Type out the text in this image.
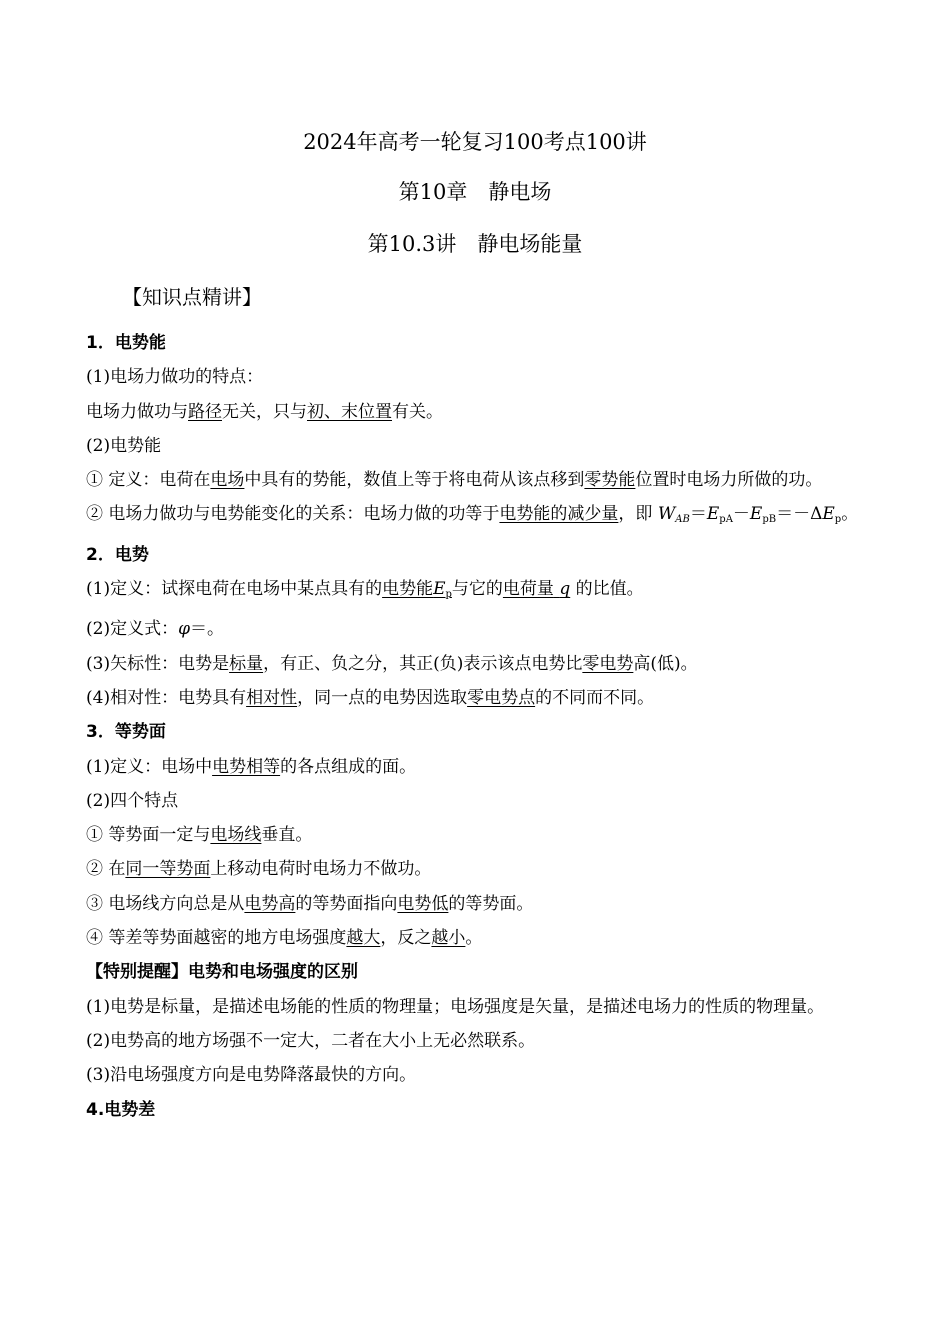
2024年高考一轮复习100考点100讲
第10章　静电场
第10.3讲　静电场能量
【知识点精讲】
1．电势能
(1)电场力做功的特点：
电场力做功与路径无关，只与初、末位置有关。
(2)电势能
① 定义：电荷在电场中具有的势能，数值上等于将电荷从该点移到零势能位置时电场力所做的功。
② 电场力做功与电势能变化的关系：电场力做的功等于电势能的减少量，即 $W_{AB}=E_{pA}-E_{pB}=-\Delta E_p$。
2．电势
(1)定义：试探电荷在电场中某点具有的电势能$E_p$与它的电荷量 q 的比值。
(2)定义式：φ＝。
(3)矢标性：电势是标量，有正、负之分，其正(负)表示该点电势比零电势高(低)。
(4)相对性：电势具有相对性，同一点的电势因选取零电势点的不同而不同。
3．等势面
(1)定义：电场中电势相等的各点组成的面。
(2)四个特点
① 等势面一定与电场线垂直。
② 在同一等势面上移动电荷时电场力不做功。
③ 电场线方向总是从电势高的等势面指向电势低的等势面。
④ 等差等势面越密的地方电场强度越大，反之越小。
【特别提醒】电势和电场强度的区别
(1)电势是标量，是描述电场能的性质的物理量；电场强度是矢量，是描述电场力的性质的物理量。
(2)电势高的地方场强不一定大，二者在大小上无必然联系。
(3)沿电场强度方向是电势降落最快的方向。
4.电势差
